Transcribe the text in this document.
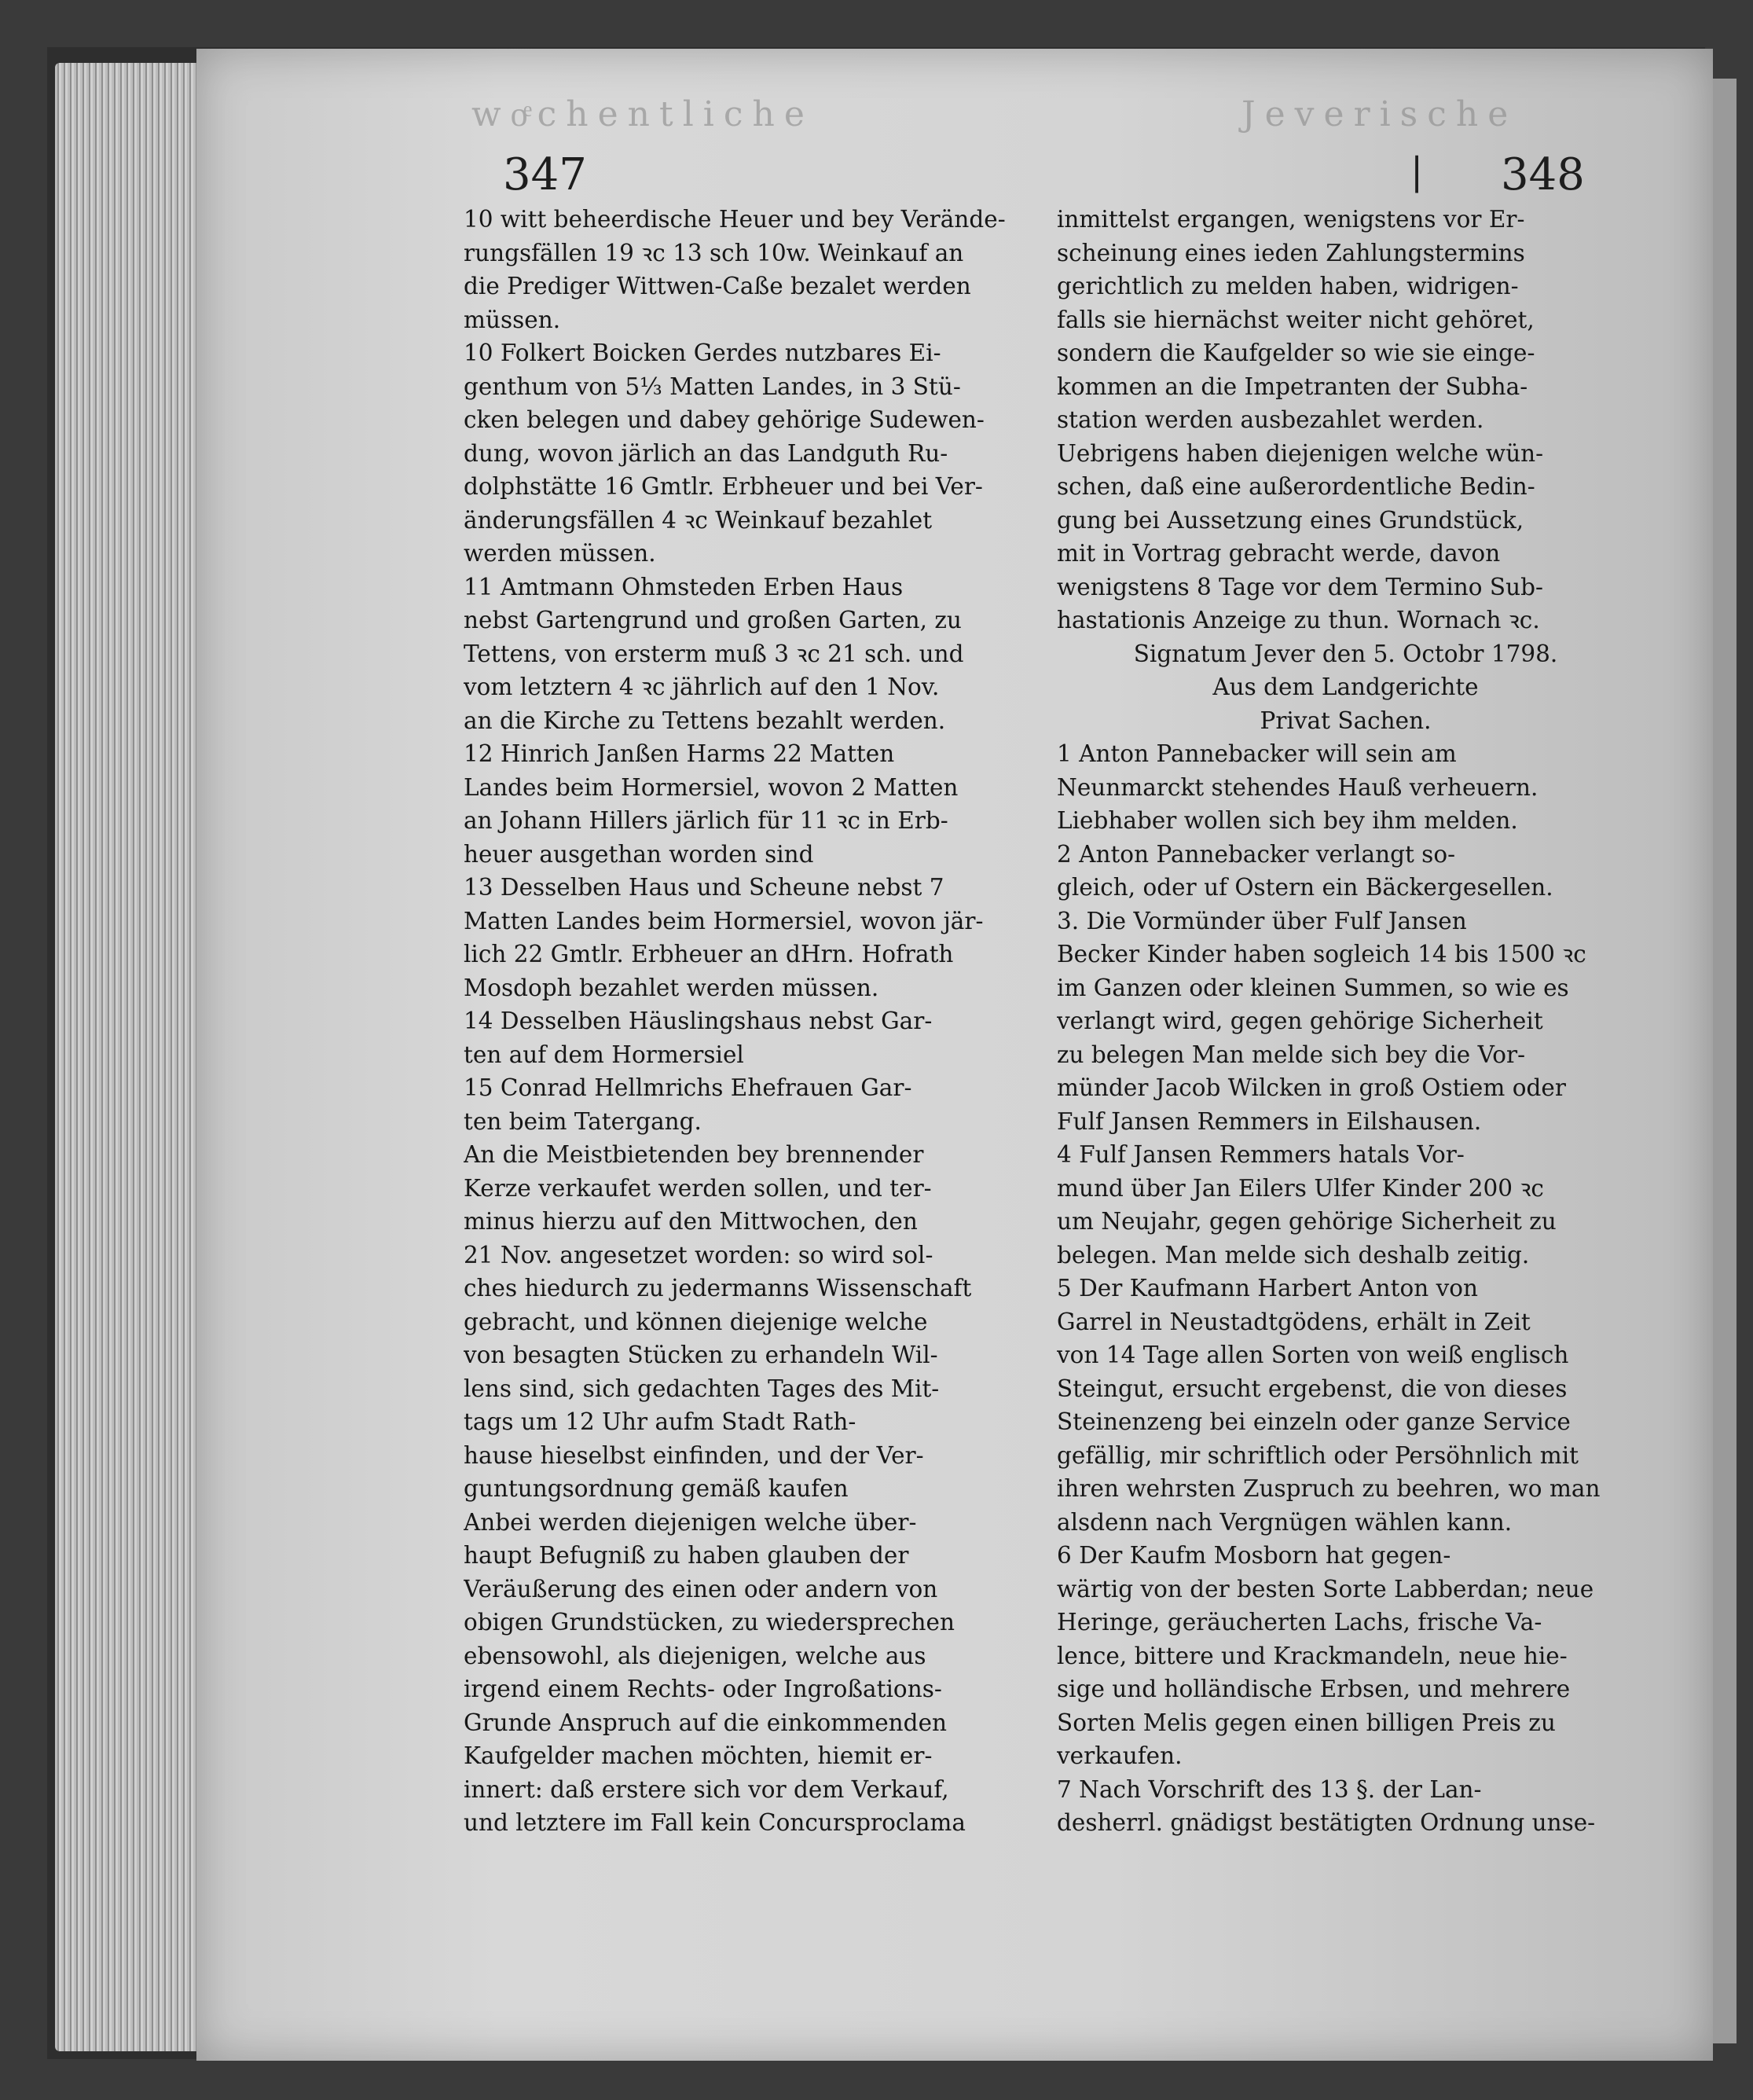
woͤchentliche	Jeverische
347	| 348
10 witt beheerdische Heuer und bey Verände-
rungsfällen 19 ꝛc 13 sch 10w. Weinkauf an
die Prediger Wittwen-Caße bezalet werden
müssen.
10 Folkert Boicken Gerdes nutzbares Ei-
genthum von 5⅓ Matten Landes, in 3 Stü-
cken belegen und dabey gehörige Sudewen-
dung, wovon järlich an das Landguth Ru-
dolphstätte 16 Gmtlr. Erbheuer und bei Ver-
änderungsfällen 4 ꝛc Weinkauf bezahlet
werden müssen.
11 Amtmann Ohmsteden Erben Haus
nebst Gartengrund und großen Garten, zu
Tettens, von ersterm muß 3 ꝛc 21 sch. und
vom letztern 4 ꝛc jährlich auf den 1 Nov.
an die Kirche zu Tettens bezahlt werden.
12 Hinrich Janßen Harms 22 Matten
Landes beim Hormersiel, wovon 2 Matten
an Johann Hillers järlich für 11 ꝛc in Erb-
heuer ausgethan worden sind
13 Desselben Haus und Scheune nebst 7
Matten Landes beim Hormersiel, wovon jär-
lich 22 Gmtlr. Erbheuer an dHrn. Hofrath
Mosdoph bezahlet werden müssen.
14 Desselben Häuslingshaus nebst Gar-
ten auf dem Hormersiel
15 Conrad Hellmrichs Ehefrauen Gar-
ten beim Tatergang.
An die Meistbietenden bey brennender
Kerze verkaufet werden sollen, und ter-
minus hierzu auf den Mittwochen, den
21 Nov. angesetzet worden: so wird sol-
ches hiedurch zu jedermanns Wissenschaft
gebracht, und können diejenige welche
von besagten Stücken zu erhandeln Wil-
lens sind, sich gedachten Tages des Mit-
tags um 12 Uhr aufm Stadt Rath-
hause hieselbst einfinden, und der Ver-
guntungsordnung gemäß kaufen
Anbei werden diejenigen welche über-
haupt Befugniß zu haben glauben der
Veräußerung des einen oder andern von
obigen Grundstücken, zu wiedersprechen
ebensowohl, als diejenigen, welche aus
irgend einem Rechts- oder Ingroßations-
Grunde Anspruch auf die einkommenden
Kaufgelder machen möchten, hiemit er-
innert: daß erstere sich vor dem Verkauf,
und letztere im Fall kein Concursproclama
inmittelst ergangen, wenigstens vor Er-
scheinung eines ieden Zahlungstermins
gerichtlich zu melden haben, widrigen-
falls sie hiernächst weiter nicht gehöret,
sondern die Kaufgelder so wie sie einge-
kommen an die Impetranten der Subha-
station werden ausbezahlet werden.
Uebrigens haben diejenigen welche wün-
schen, daß eine außerordentliche Bedin-
gung bei Aussetzung eines Grundstück,
mit in Vortrag gebracht werde, davon
wenigstens 8 Tage vor dem Termino Sub-
hastationis Anzeige zu thun. Wornach ꝛc.
Signatum Jever den 5. Octobr 1798.
Aus dem Landgerichte
Privat Sachen.
1 Anton Pannebacker will sein am
Neunmarckt stehendes Hauß verheuern.
Liebhaber wollen sich bey ihm melden.
2 Anton Pannebacker verlangt so-
gleich, oder uf Ostern ein Bäckergesellen.
3. Die Vormünder über Fulf Jansen
Becker Kinder haben sogleich 14 bis 1500 ꝛc
im Ganzen oder kleinen Summen, so wie es
verlangt wird, gegen gehörige Sicherheit
zu belegen Man melde sich bey die Vor-
münder Jacob Wilcken in groß Ostiem oder
Fulf Jansen Remmers in Eilshausen.
4 Fulf Jansen Remmers hatals Vor-
mund über Jan Eilers Ulfer Kinder 200 ꝛc
um Neujahr, gegen gehörige Sicherheit zu
belegen. Man melde sich deshalb zeitig.
5 Der Kaufmann Harbert Anton von
Garrel in Neustadtgödens, erhält in Zeit
von 14 Tage allen Sorten von weiß englisch
Steingut, ersucht ergebenst, die von dieses
Steinenzeng bei einzeln oder ganze Service
gefällig, mir schriftlich oder Persöhnlich mit
ihren wehrsten Zuspruch zu beehren, wo man
alsdenn nach Vergnügen wählen kann.
6 Der Kaufm Mosborn hat gegen-
wärtig von der besten Sorte Labberdan; neue
Heringe, geräucherten Lachs, frische Va-
lence, bittere und Krackmandeln, neue hie-
sige und holländische Erbsen, und mehrere
Sorten Melis gegen einen billigen Preis zu
verkaufen.
7 Nach Vorschrift des 13 §. der Lan-
desherrl. gnädigst bestätigten Ordnung unse-
